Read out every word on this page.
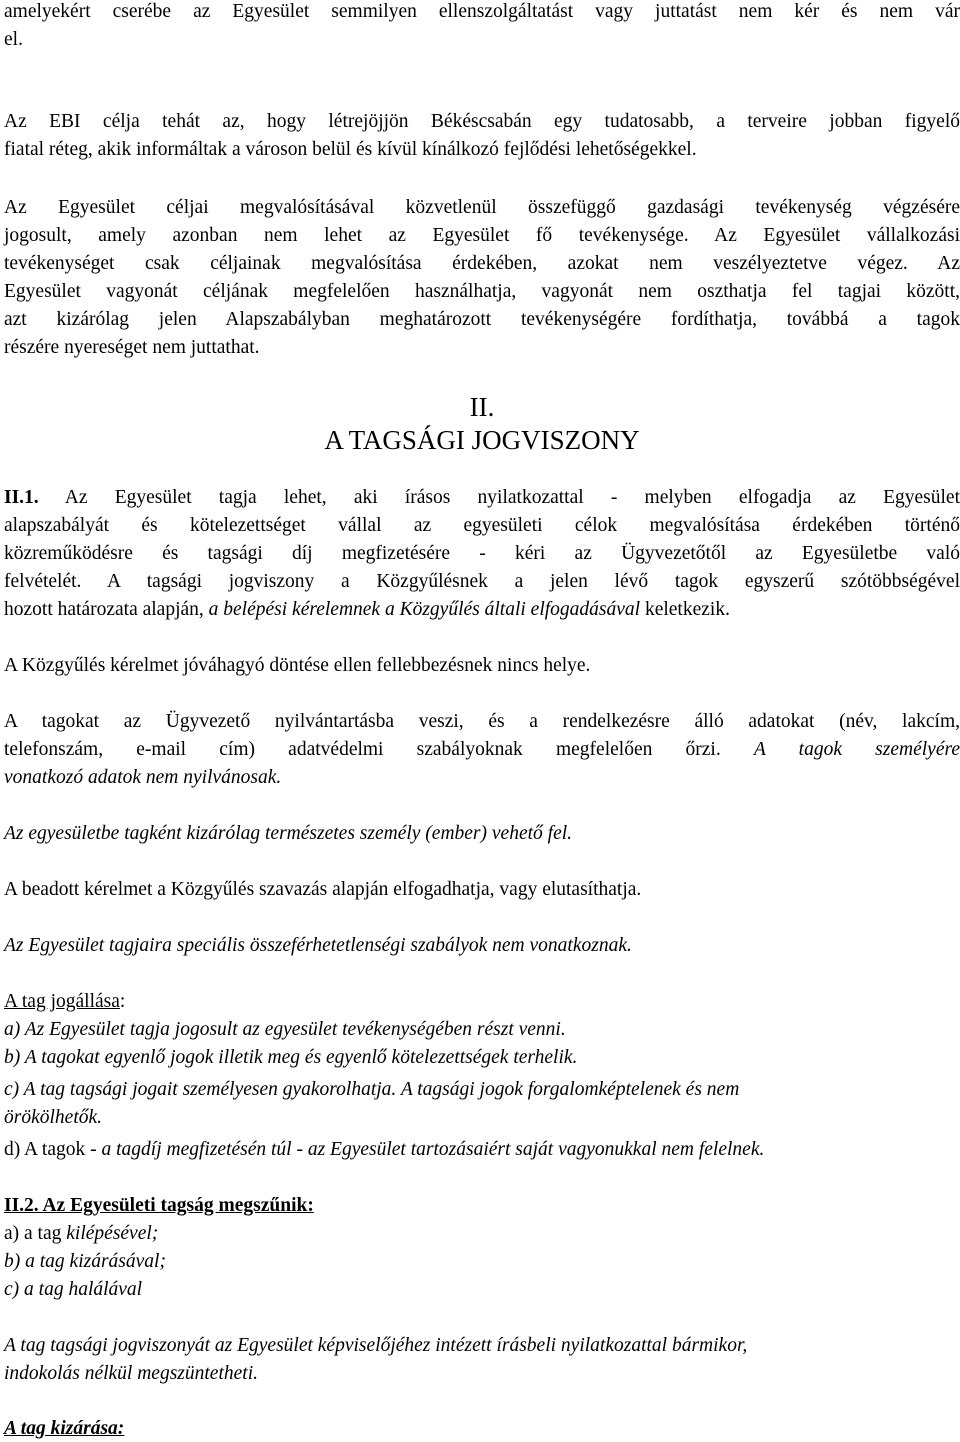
amelyekért cserébe az Egyesület semmilyen ellenszolgáltatást vagy juttatást nem kér és nem vár
el.
Az EBI célja tehát az, hogy létrejöjjön Békéscsabán egy tudatosabb, a terveire jobban figyelő
fiatal réteg, akik informáltak a városon belül és kívül kínálkozó fejlődési lehetőségekkel.
Az Egyesület céljai megvalósításával közvetlenül összefüggő gazdasági tevékenység végzésére
jogosult, amely azonban nem lehet az Egyesület fő tevékenysége. Az Egyesület vállalkozási
tevékenységet csak céljainak megvalósítása érdekében, azokat nem veszélyeztetve végez. Az
Egyesület vagyonát céljának megfelelően használhatja, vagyonát nem oszthatja fel tagjai között,
azt kizárólag jelen Alapszabályban meghatározott tevékenységére fordíthatja, továbbá a tagok
részére nyereséget nem juttathat.
II.
A TAGSÁGI JOGVISZONY
II.1. Az Egyesület tagja lehet, aki írásos nyilatkozattal - melyben elfogadja az Egyesület
alapszabályát és kötelezettséget vállal az egyesületi célok megvalósítása érdekében történő
közreműködésre és tagsági díj megfizetésére - kéri az Ügyvezetőtől az Egyesületbe való
felvételét. A tagsági jogviszony a Közgyűlésnek a jelen lévő tagok egyszerű szótöbbségével
hozott határozata alapján, a belépési kérelemnek a Közgyűlés általi elfogadásával keletkezik.
A Közgyűlés kérelmet jóváhagyó döntése ellen fellebbezésnek nincs helye.
A tagokat az Ügyvezető nyilvántartásba veszi, és a rendelkezésre álló adatokat (név, lakcím,
telefonszám, e-mail cím) adatvédelmi szabályoknak megfelelően őrzi. A tagok személyére
vonatkozó adatok nem nyilvánosak.
Az egyesületbe tagként kizárólag természetes személy (ember) vehető fel.
A beadott kérelmet a Közgyűlés szavazás alapján elfogadhatja, vagy elutasíthatja.
Az Egyesület tagjaira speciális összeférhetetlenségi szabályok nem vonatkoznak.
A tag jogállása:
a) Az Egyesület tagja jogosult az egyesület tevékenységében részt venni.
b) A tagokat egyenlő jogok illetik meg és egyenlő kötelezettségek terhelik.
c) A tag tagsági jogait személyesen gyakorolhatja. A tagsági jogok forgalomképtelenek és nem
örökölhetők.
d) A tagok - a tagdíj megfizetésén túl - az Egyesület tartozásaiért saját vagyonukkal nem felelnek.
II.2. Az Egyesületi tagság megszűnik:
a) a tag kilépésével;
b) a tag kizárásával;
c) a tag halálával
A tag tagsági jogviszonyát az Egyesület képviselőjéhez intézett írásbeli nyilatkozattal bármikor,
indokolás nélkül megszüntetheti.
A tag kizárása:
